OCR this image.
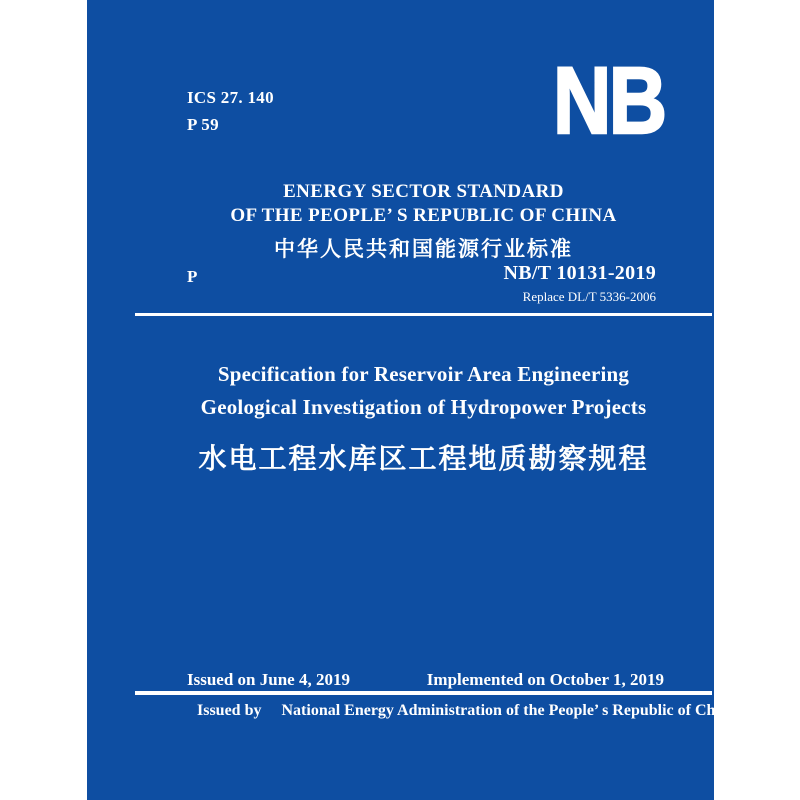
ICS 27. 140
P 59	NB
ENERGY SECTOR STANDARD
OF THE PEOPLE’ S REPUBLIC OF CHINA
中华人民共和国能源行业标准
P	NB/T 10131-2019
Replace DL/T 5336-2006
Specification for Reservoir Area Engineering
Geological Investigation of Hydropower Projects
水电工程水库区工程地质勘察规程
Issued on June 4, 2019	Implemented on October 1, 2019
Issued by National Energy Administration of the People’ s Republic of China
